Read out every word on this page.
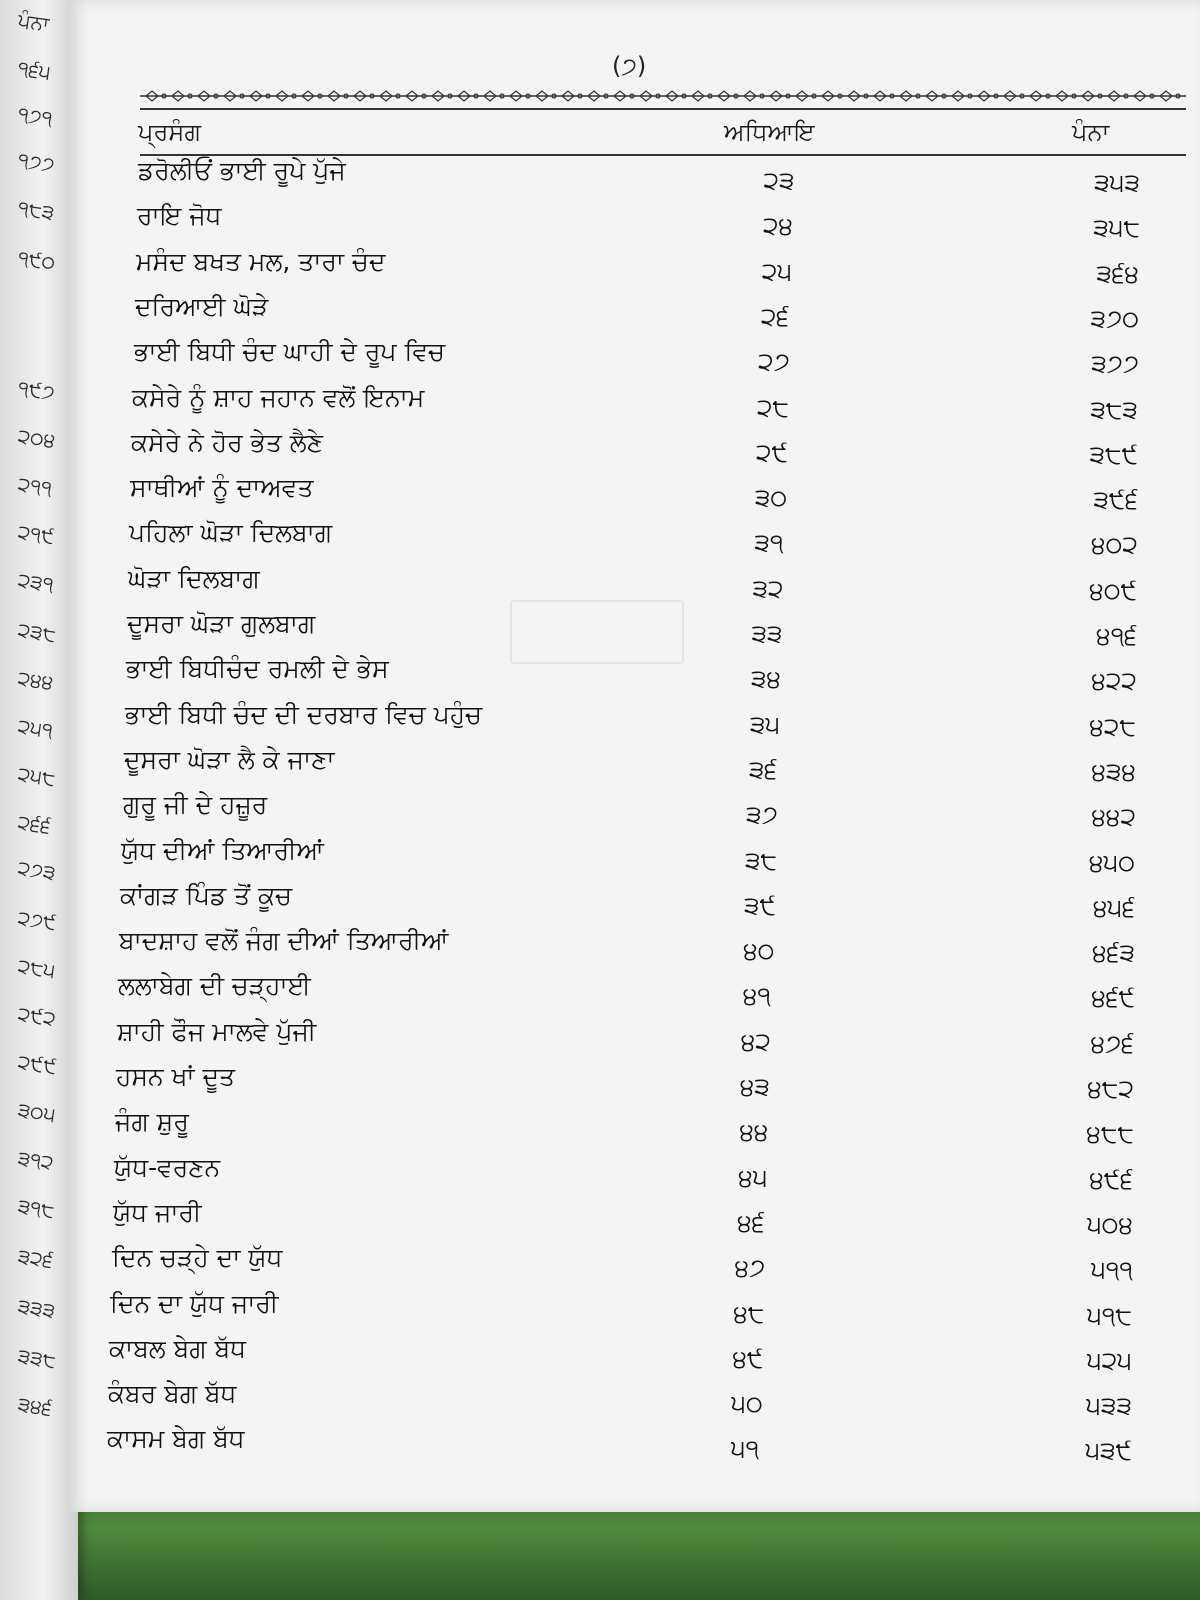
ਪੰਨਾ
੧੬੫
੧੭੧
੧੭੭
੧੮੩
੧੯੦
੧੯੭
੨੦੪
੨੧੧
੨੧੯
੨੩੧
੨੩੮
੨੪੪
੨੫੧
੨੫੮
੨੬੬
੨੭੩
੨੭੯
੨੮੫
੨੯੨
੨੯੯
੩੦੫
੩੧੨
੩੧੮
੩੨੬
੩੩੩
੩੩੮
੩੪੬
(੭)
ਪ੍ਰਸੰਗ	ਅਧਿਆਇ	ਪੰਨਾ
ਡਰੋਲੀਓਂ ਭਾਈ ਰੂਪੇ ਪੁੱਜੇ	੨੩	੩੫੩
ਰਾਇ ਜੋਧ	੨੪	੩੫੮
ਮਸੰਦ ਬਖਤ ਮਲ, ਤਾਰਾ ਚੰਦ	੨੫	੩੬੪
ਦਰਿਆਈ ਘੋੜੇ	੨੬	੩੭੦
ਭਾਈ ਬਿਧੀ ਚੰਦ ਘਾਹੀ ਦੇ ਰੂਪ ਵਿਚ	੨੭	੩੭੭
ਕਸੇਰੇ ਨੂੰ ਸ਼ਾਹ ਜਹਾਨ ਵਲੋਂ ਇਨਾਮ	੨੮	੩੮੩
ਕਸੇਰੇ ਨੇ ਹੋਰ ਭੇਤ ਲੈਣੇ	੨੯	੩੮੯
ਸਾਥੀਆਂ ਨੂੰ ਦਾਅਵਤ	੩੦	੩੯੬
ਪਹਿਲਾ ਘੋੜਾ ਦਿਲਬਾਗ	੩੧	੪੦੨
ਘੋੜਾ ਦਿਲਬਾਗ	੩੨	੪੦੯
ਦੂਸਰਾ ਘੋੜਾ ਗੁਲਬਾਗ	੩੩	੪੧੬
ਭਾਈ ਬਿਧੀਚੰਦ ਰਮਲੀ ਦੇ ਭੇਸ	੩੪	੪੨੨
ਭਾਈ ਬਿਧੀ ਚੰਦ ਦੀ ਦਰਬਾਰ ਵਿਚ ਪਹੁੰਚ	੩੫	੪੨੮
ਦੂਸਰਾ ਘੋੜਾ ਲੈ ਕੇ ਜਾਣਾ	੩੬	੪੩੪
ਗੁਰੂ ਜੀ ਦੇ ਹਜ਼ੂਰ	੩੭	੪੪੨
ਯੁੱਧ ਦੀਆਂ ਤਿਆਰੀਆਂ	੩੮	੪੫੦
ਕਾਂਗੜ ਪਿੰਡ ਤੋਂ ਕੂਚ	੩੯	੪੫੬
ਬਾਦਸ਼ਾਹ ਵਲੋਂ ਜੰਗ ਦੀਆਂ ਤਿਆਰੀਆਂ	੪੦	੪੬੩
ਲਲਾਬੇਗ ਦੀ ਚੜ੍ਹਾਈ	੪੧	੪੬੯
ਸ਼ਾਹੀ ਫੌਜ ਮਾਲਵੇ ਪੁੱਜੀ	੪੨	੪੭੬
ਹਸਨ ਖਾਂ ਦੂਤ	੪੩	੪੮੨
ਜੰਗ ਸ਼ੁਰੂ	੪੪	੪੮੮
ਯੁੱਧ-ਵਰਣਨ	੪੫	੪੯੬
ਯੁੱਧ ਜਾਰੀ	੪੬	੫੦੪
ਦਿਨ ਚੜ੍ਹੇ ਦਾ ਯੁੱਧ	੪੭	੫੧੧
ਦਿਨ ਦਾ ਯੁੱਧ ਜਾਰੀ	੪੮	੫੧੮
ਕਾਬਲ ਬੇਗ ਬੱਧ	੪੯	੫੨੫
ਕੰਬਰ ਬੇਗ ਬੱਧ	੫੦	੫੩੩
ਕਾਸਮ ਬੇਗ ਬੱਧ	੫੧	੫੩੯
